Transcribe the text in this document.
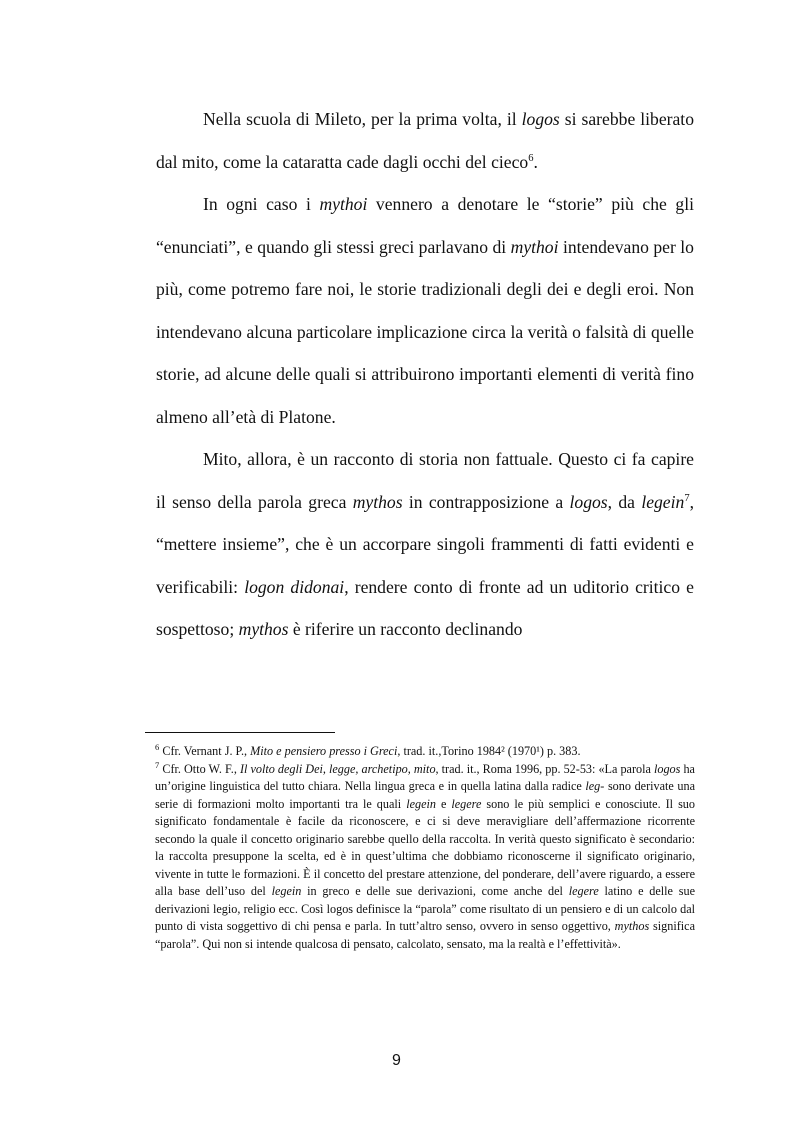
Nella scuola di Mileto, per la prima volta, il logos si sarebbe liberato dal mito, come la cataratta cade dagli occhi del cieco$^6$.

In ogni caso i mythoi vennero a denotare le “storie” più che gli “enunciati”, e quando gli stessi greci parlavano di mythoi intendevano per lo più, come potremo fare noi, le storie tradizionali degli dei e degli eroi. Non intendevano alcuna particolare implicazione circa la verità o falsità di quelle storie, ad alcune delle quali si attribuirono importanti elementi di verità fino almeno all’età di Platone.

Mito, allora, è un racconto di storia non fattuale. Questo ci fa capire il senso della parola greca mythos in contrapposizione a logos, da legein$^7$, “mettere insieme”, che è un accorpare singoli frammenti di fatti evidenti e verificabili: logon didonai, rendere conto di fronte ad un uditorio critico e sospettoso; mythos è riferire un racconto declinando

$^6$ Cfr. Vernant J. P., Mito e pensiero presso i Greci, trad. it.,Torino 1984² (1970¹) p. 383.

$^7$ Cfr. Otto W. F., Il volto degli Dei, legge, archetipo, mito, trad. it., Roma 1996, pp. 52-53: «La parola logos ha un’origine linguistica del tutto chiara. Nella lingua greca e in quella latina dalla radice leg- sono derivate una serie di formazioni molto importanti tra le quali legein e legere sono le più semplici e conosciute. Il suo significato fondamentale è facile da riconoscere, e ci si deve meravigliare dell’affermazione ricorrente secondo la quale il concetto originario sarebbe quello della raccolta. In verità questo significato è secondario: la raccolta presuppone la scelta, ed è in quest’ultima che dobbiamo riconoscerne il significato originario, vivente in tutte le formazioni. È il concetto del prestare attenzione, del ponderare, dell’avere riguardo, a essere alla base dell’uso del legein in greco e delle sue derivazioni, come anche del legere latino e delle sue derivazioni legio, religio ecc. Così logos definisce la “parola” come risultato di un pensiero e di un calcolo dal punto di vista soggettivo di chi pensa e parla. In tutt’altro senso, ovvero in senso oggettivo, mythos significa “parola”. Qui non si intende qualcosa di pensato, calcolato, sensato, ma la realtà e l’effettività».

9
